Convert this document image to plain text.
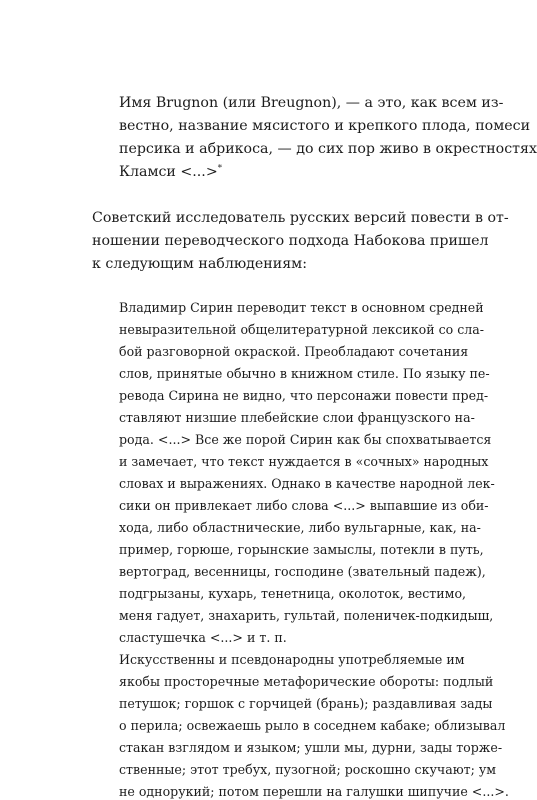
Имя Brugnon (или Breugnon), — а это, как всем из-
вестно, название мясистого и крепкого плода, помеси
персика и абрикоса, — до сих пор живо в окрестностях
Кламси <...>*
Советский исследователь русских версий повести в от-
ношении переводческого подхода Набокова пришел
к следующим наблюдениям:
Владимир Сирин переводит текст в основном средней
невыразительной общелитературной лексикой со сла-
бой разговорной окраской. Преобладают сочетания
слов, принятые обычно в книжном стиле. По языку пе-
ревода Сирина не видно, что персонажи повести пред-
ставляют низшие плебейские слои французского на-
рода. <...> Все же порой Сирин как бы спохватывается
и замечает, что текст нуждается в «сочных» народных
словах и выражениях. Однако в качестве народной лек-
сики он привлекает либо слова <...> выпавшие из оби-
хода, либо областнические, либо вульгарные, как, на-
пример, горюше, горынские замыслы, потекли в путь,
вертоград, весенницы, господине (звательный падеж),
подгрызаны, кухарь, тенетница, околоток, вестимо,
меня гадует, знахарить, гультай, поленичек-подкидыш,
сластушечка <...> и т. п.
Искусственны и псевдонародны употребляемые им
якобы просторечные метафорические обороты: подлый
петушок; горшок с горчицей (брань); раздавливая зады
о перила; освежаешь рыло в соседнем кабаке; облизывал
стакан взглядом и языком; ушли мы, дурни, зады торже-
ственные; этот требух, пузогной; роскошно скучают; ум
не однорукий; потом перешли на галушки шипучие <...>.
